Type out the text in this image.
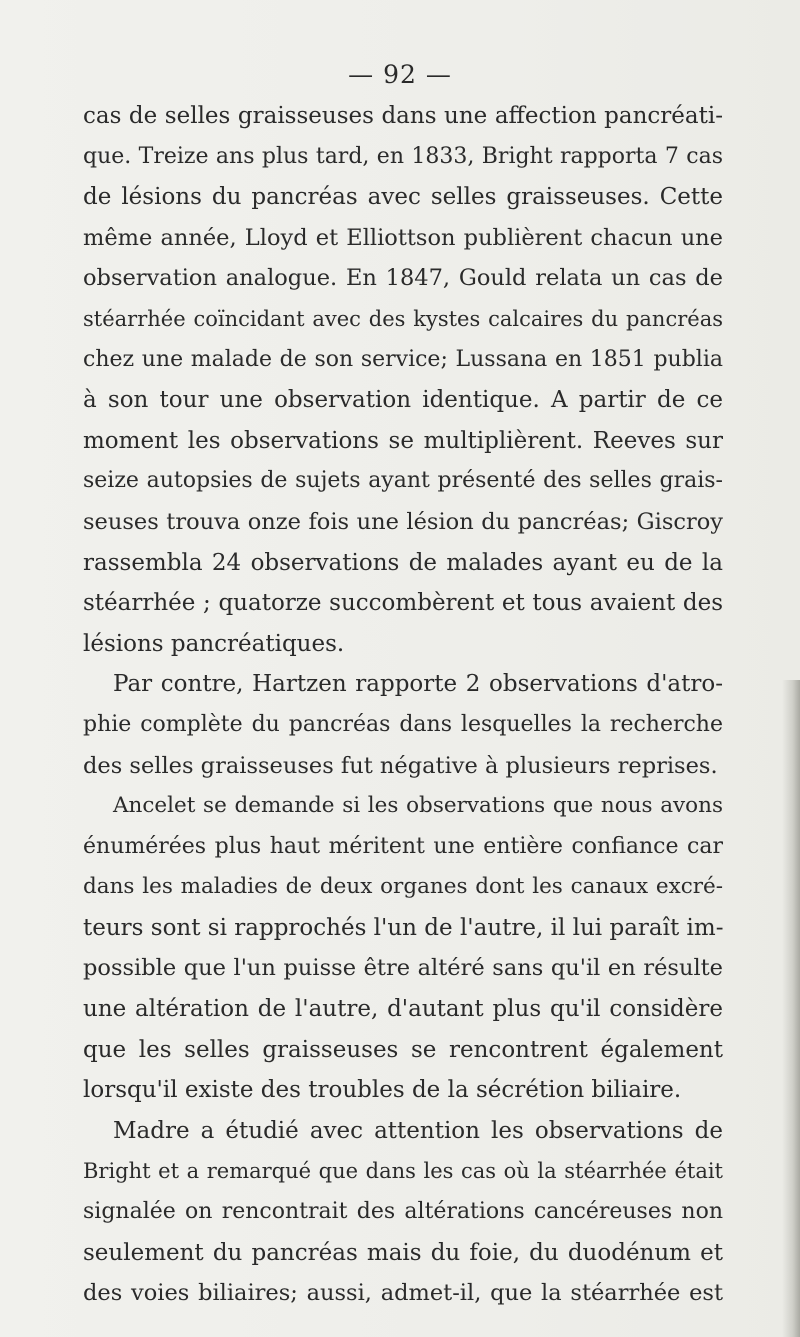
— 92 —

cas de selles graisseuses dans une affection pancréati-
que. Treize ans plus tard, en 1833, Bright rapporta 7 cas
de lésions du pancréas avec selles graisseuses. Cette
même année, Lloyd et Elliottson publièrent chacun une
observation analogue. En 1847, Gould relata un cas de
stéarrhée coïncidant avec des kystes calcaires du pancréas
chez une malade de son service; Lussana en 1851 publia
à son tour une observation identique. A partir de ce
moment les observations se multiplièrent. Reeves sur
seize autopsies de sujets ayant présenté des selles grais-
seuses trouva onze fois une lésion du pancréas; Giscroy
rassembla 24 observations de malades ayant eu de la
stéarrhée ; quatorze succombèrent et tous avaient des
lésions pancréatiques.
Par contre, Hartzen rapporte 2 observations d'atro-
phie complète du pancréas dans lesquelles la recherche
des selles graisseuses fut négative à plusieurs reprises.
Ancelet se demande si les observations que nous avons
énumérées plus haut méritent une entière confiance car
dans les maladies de deux organes dont les canaux excré-
teurs sont si rapprochés l'un de l'autre, il lui paraît im-
possible que l'un puisse être altéré sans qu'il en résulte
une altération de l'autre, d'autant plus qu'il considère
que les selles graisseuses se rencontrent également
lorsqu'il existe des troubles de la sécrétion biliaire.
Madre a étudié avec attention les observations de
Bright et a remarqué que dans les cas où la stéarrhée était
signalée on rencontrait des altérations cancéreuses non
seulement du pancréas mais du foie, du duodénum et
des voies biliaires; aussi, admet-il, que la stéarrhée est
